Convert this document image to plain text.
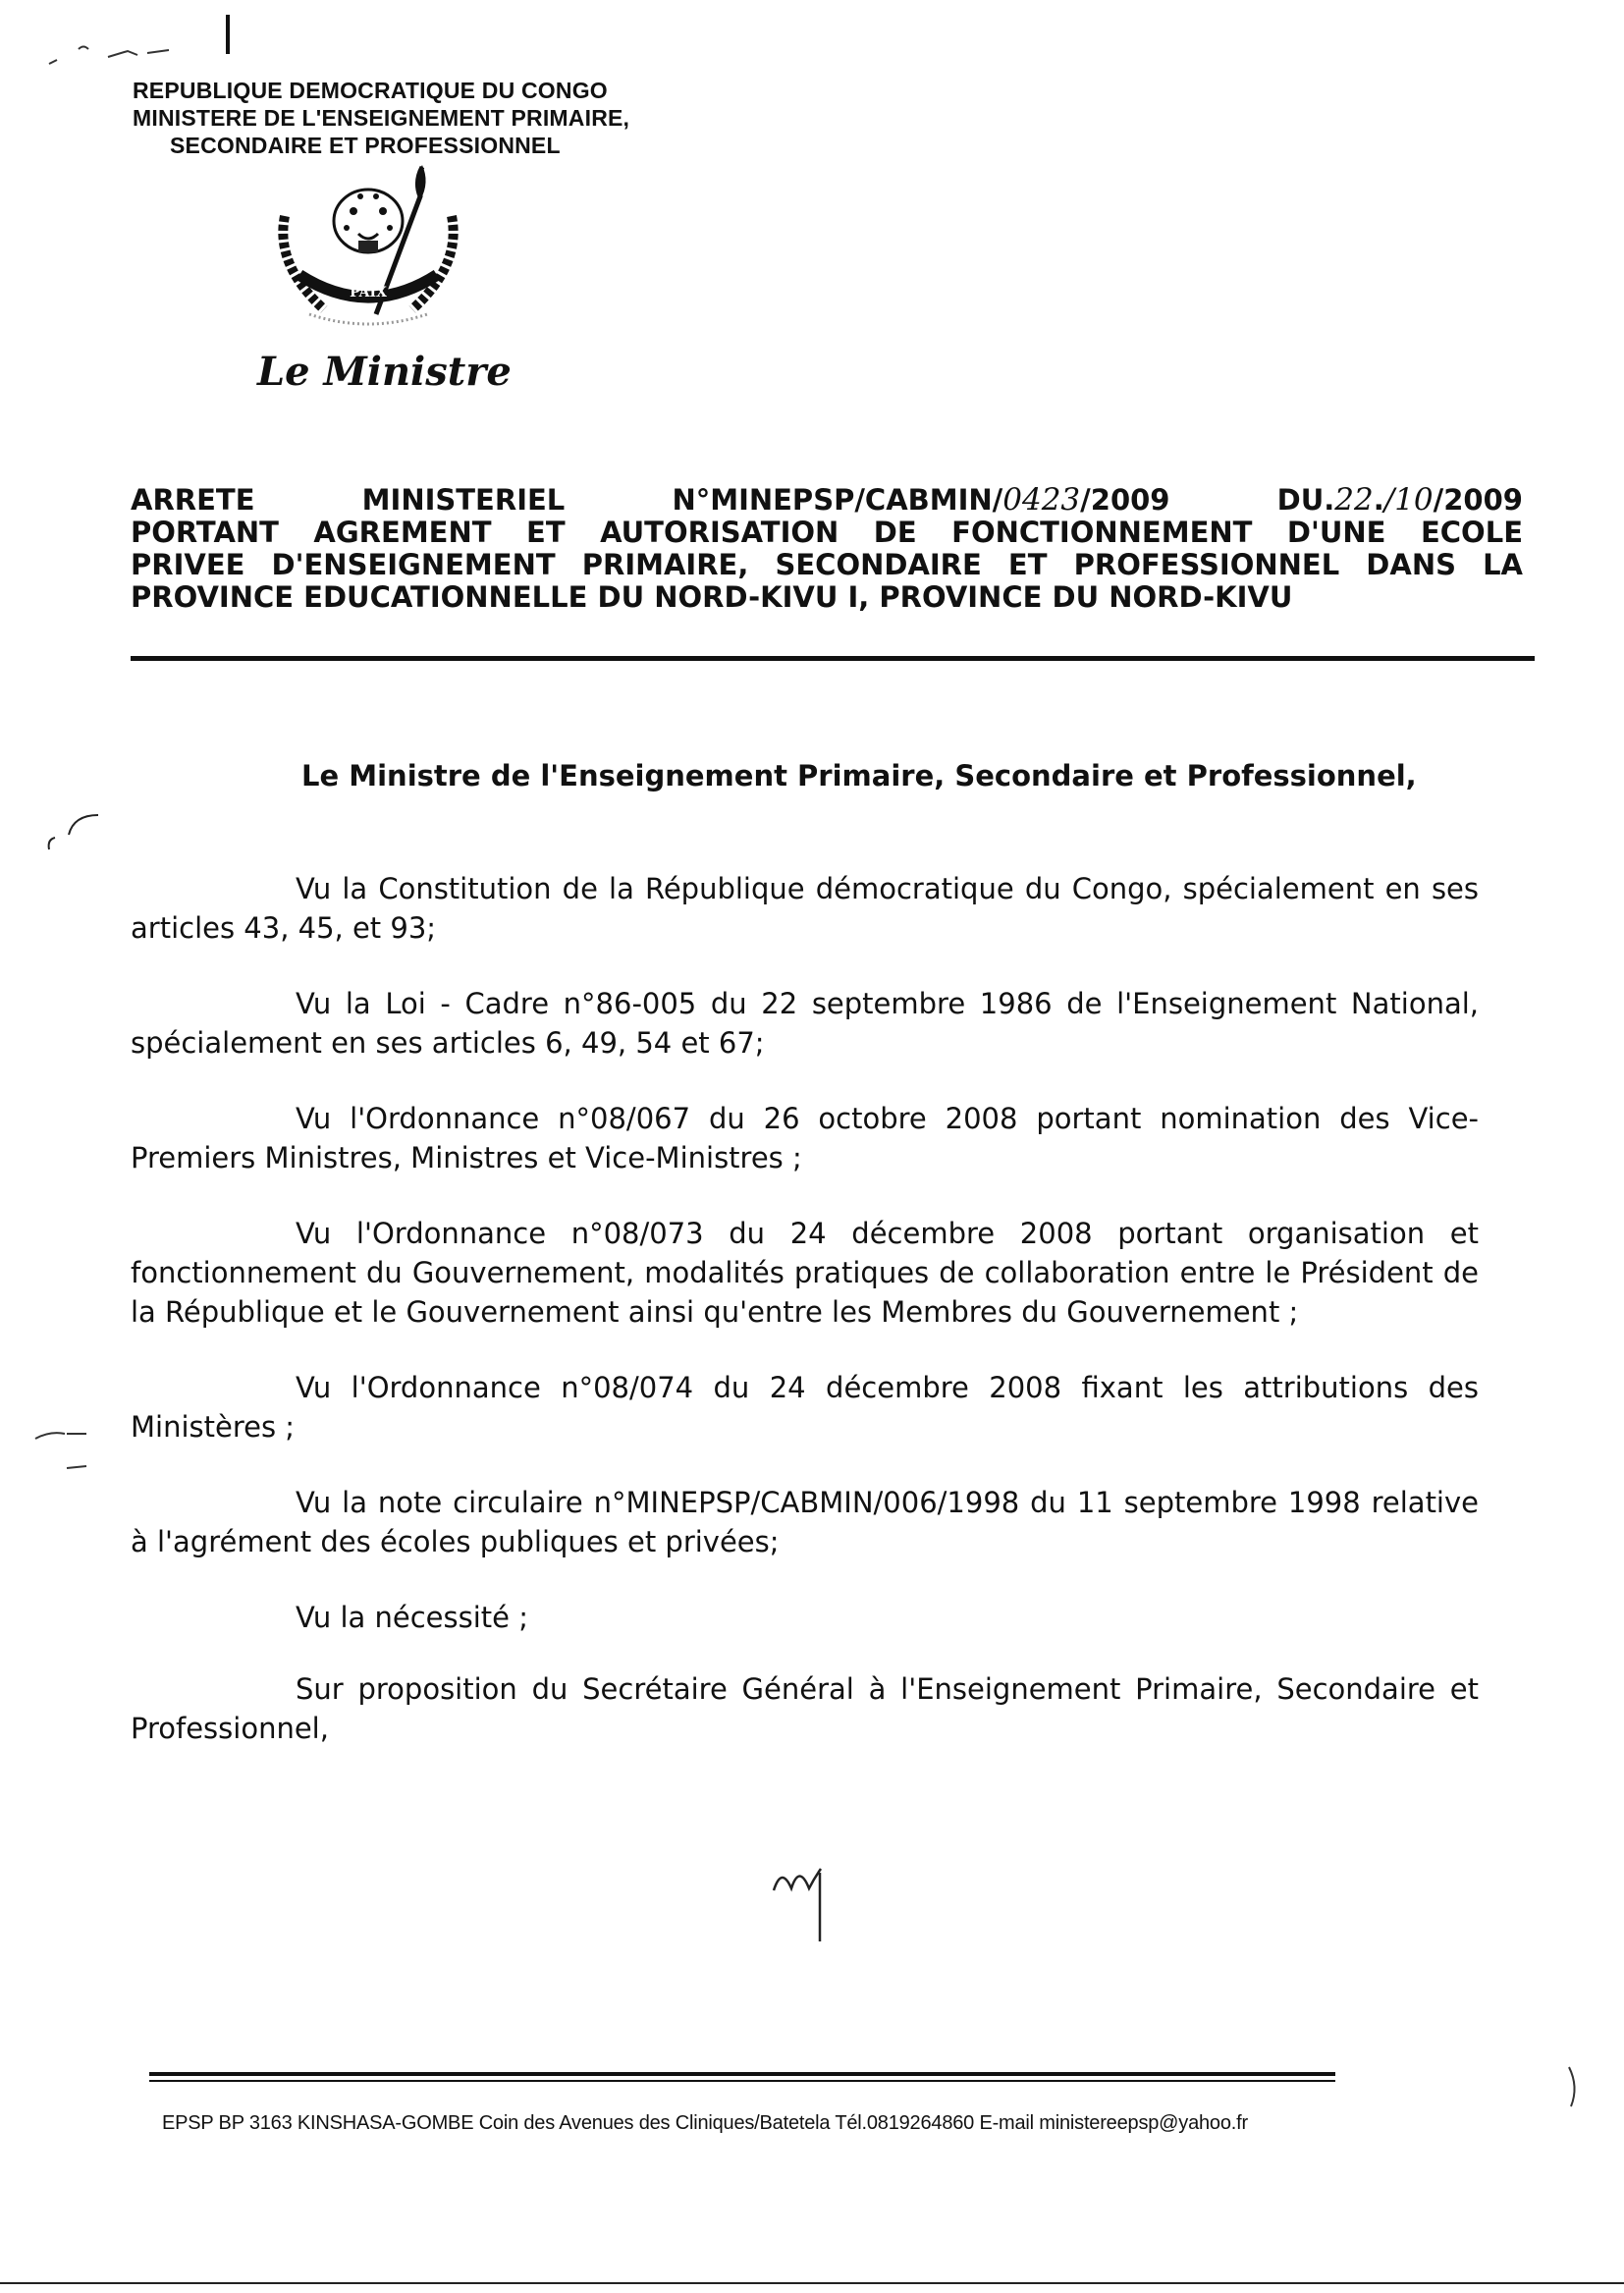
REPUBLIQUE DEMOCRATIQUE DU CONGO
MINISTERE DE L'ENSEIGNEMENT PRIMAIRE,
SECONDAIRE ET PROFESSIONNEL
PAIX
Le Ministre
ARRETE	MINISTERIEL	N°MINEPSP/CABMIN/0423/2009	DU.22./10/2009
PORTANT AGREMENT ET AUTORISATION DE FONCTIONNEMENT D'UNE ECOLE
PRIVEE D'ENSEIGNEMENT PRIMAIRE, SECONDAIRE ET PROFESSIONNEL DANS LA
PROVINCE EDUCATIONNELLE DU NORD-KIVU I, PROVINCE DU NORD-KIVU
Le Ministre de l'Enseignement Primaire, Secondaire et Professionnel,
Vu la Constitution de la République démocratique du Congo, spécialement en ses articles 43, 45, et 93;
Vu la Loi - Cadre n°86-005 du 22 septembre 1986 de l'Enseignement National, spécialement en ses articles 6, 49, 54 et 67;
Vu l'Ordonnance n°08/067 du 26 octobre 2008 portant nomination des Vice-Premiers Ministres, Ministres et Vice-Ministres ;
Vu l'Ordonnance n°08/073 du 24 décembre 2008 portant organisation et fonctionnement du Gouvernement, modalités pratiques de collaboration entre le Président de la République et le Gouvernement ainsi qu'entre les Membres du Gouvernement ;
Vu l'Ordonnance n°08/074 du 24 décembre 2008 fixant les attributions des Ministères ;
Vu la note circulaire n°MINEPSP/CABMIN/006/1998 du 11 septembre 1998 relative à l'agrément des écoles publiques et privées;
Vu la nécessité ;
Sur proposition du Secrétaire Général à l'Enseignement Primaire, Secondaire et Professionnel,
EPSP BP 3163 KINSHASA-GOMBE Coin des Avenues des Cliniques/Batetela Tél.0819264860 E-mail ministereepsp@yahoo.fr
